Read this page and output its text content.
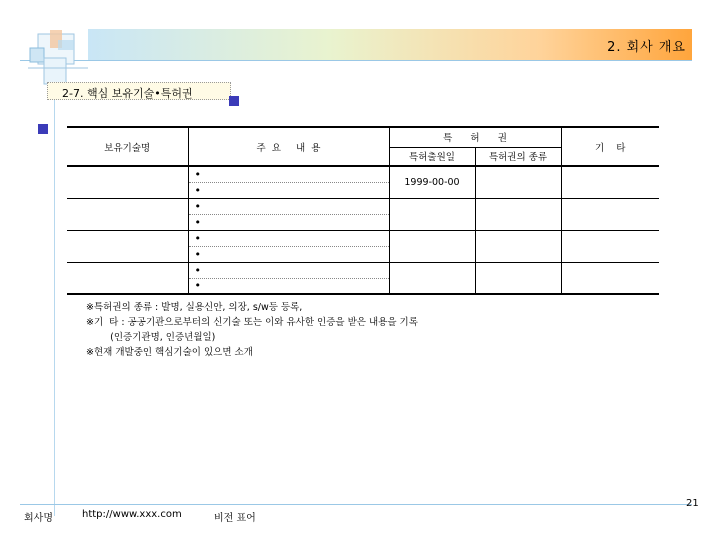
2. 회사 개요
2-7. 핵심 보유기술•특허권
보유기술명	주  요     내  용	특      허      권		기    타
		특허출원일	특허권의 종류	
	•	1999-00-00		
	•			
	•			
	•			
	•			
	•			
	•			
	•			
※특허권의 종류 : 발명, 실용신안, 의장, s/w등 등록,
※기  타 : 공공기관으로부터의 신기술 또는 이와 유사한 인증을 받은 내용을 기록
(인증기관명, 인증년월일)
※현재 개발중인 핵심기술이 있으면 소개
회사명	http://www.xxx.com	비전 표어
21
